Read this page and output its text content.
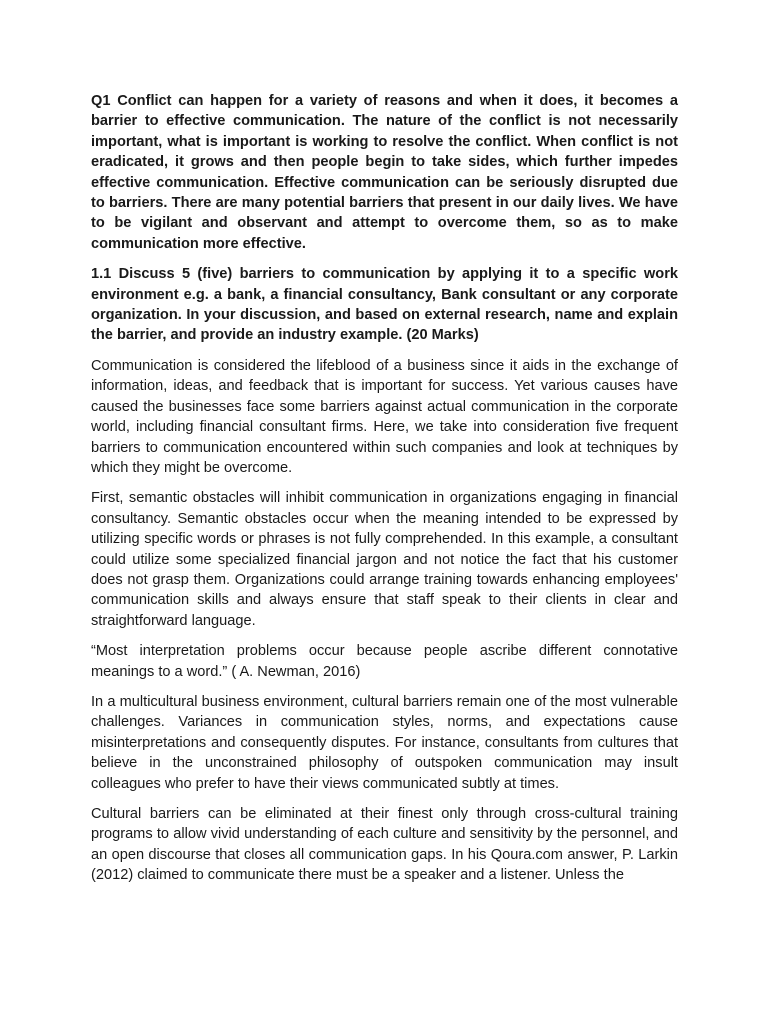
Q1 Conflict can happen for a variety of reasons and when it does, it becomes a barrier to effective communication. The nature of the conflict is not necessarily important, what is important is working to resolve the conflict. When conflict is not eradicated, it grows and then people begin to take sides, which further impedes effective communication. Effective communication can be seriously disrupted due to barriers. There are many potential barriers that present in our daily lives. We have to be vigilant and observant and attempt to overcome them, so as to make communication more effective.

1.1 Discuss 5 (five) barriers to communication by applying it to a specific work environment e.g. a bank, a financial consultancy, Bank consultant or any corporate organization. In your discussion, and based on external research, name and explain the barrier, and provide an industry example. (20 Marks)

Communication is considered the lifeblood of a business since it aids in the exchange of information, ideas, and feedback that is important for success. Yet various causes have caused the businesses face some barriers against actual communication in the corporate world, including financial consultant firms. Here, we take into consideration five frequent barriers to communication encountered within such companies and look at techniques by which they might be overcome.

First, semantic obstacles will inhibit communication in organizations engaging in financial consultancy. Semantic obstacles occur when the meaning intended to be expressed by utilizing specific words or phrases is not fully comprehended. In this example, a consultant could utilize some specialized financial jargon and not notice the fact that his customer does not grasp them. Organizations could arrange training towards enhancing employees' communication skills and always ensure that staff speak to their clients in clear and straightforward language.

“Most interpretation problems occur because people ascribe different connotative meanings to a word.” ( A. Newman, 2016)

In a multicultural business environment, cultural barriers remain one of the most vulnerable challenges. Variances in communication styles, norms, and expectations cause misinterpretations and consequently disputes. For instance, consultants from cultures that believe in the unconstrained philosophy of outspoken communication may insult colleagues who prefer to have their views communicated subtly at times.

Cultural barriers can be eliminated at their finest only through cross-cultural training programs to allow vivid understanding of each culture and sensitivity by the personnel, and an open discourse that closes all communication gaps. In his Qoura.com answer, P. Larkin (2012) claimed to communicate there must be a speaker and a listener. Unless the
